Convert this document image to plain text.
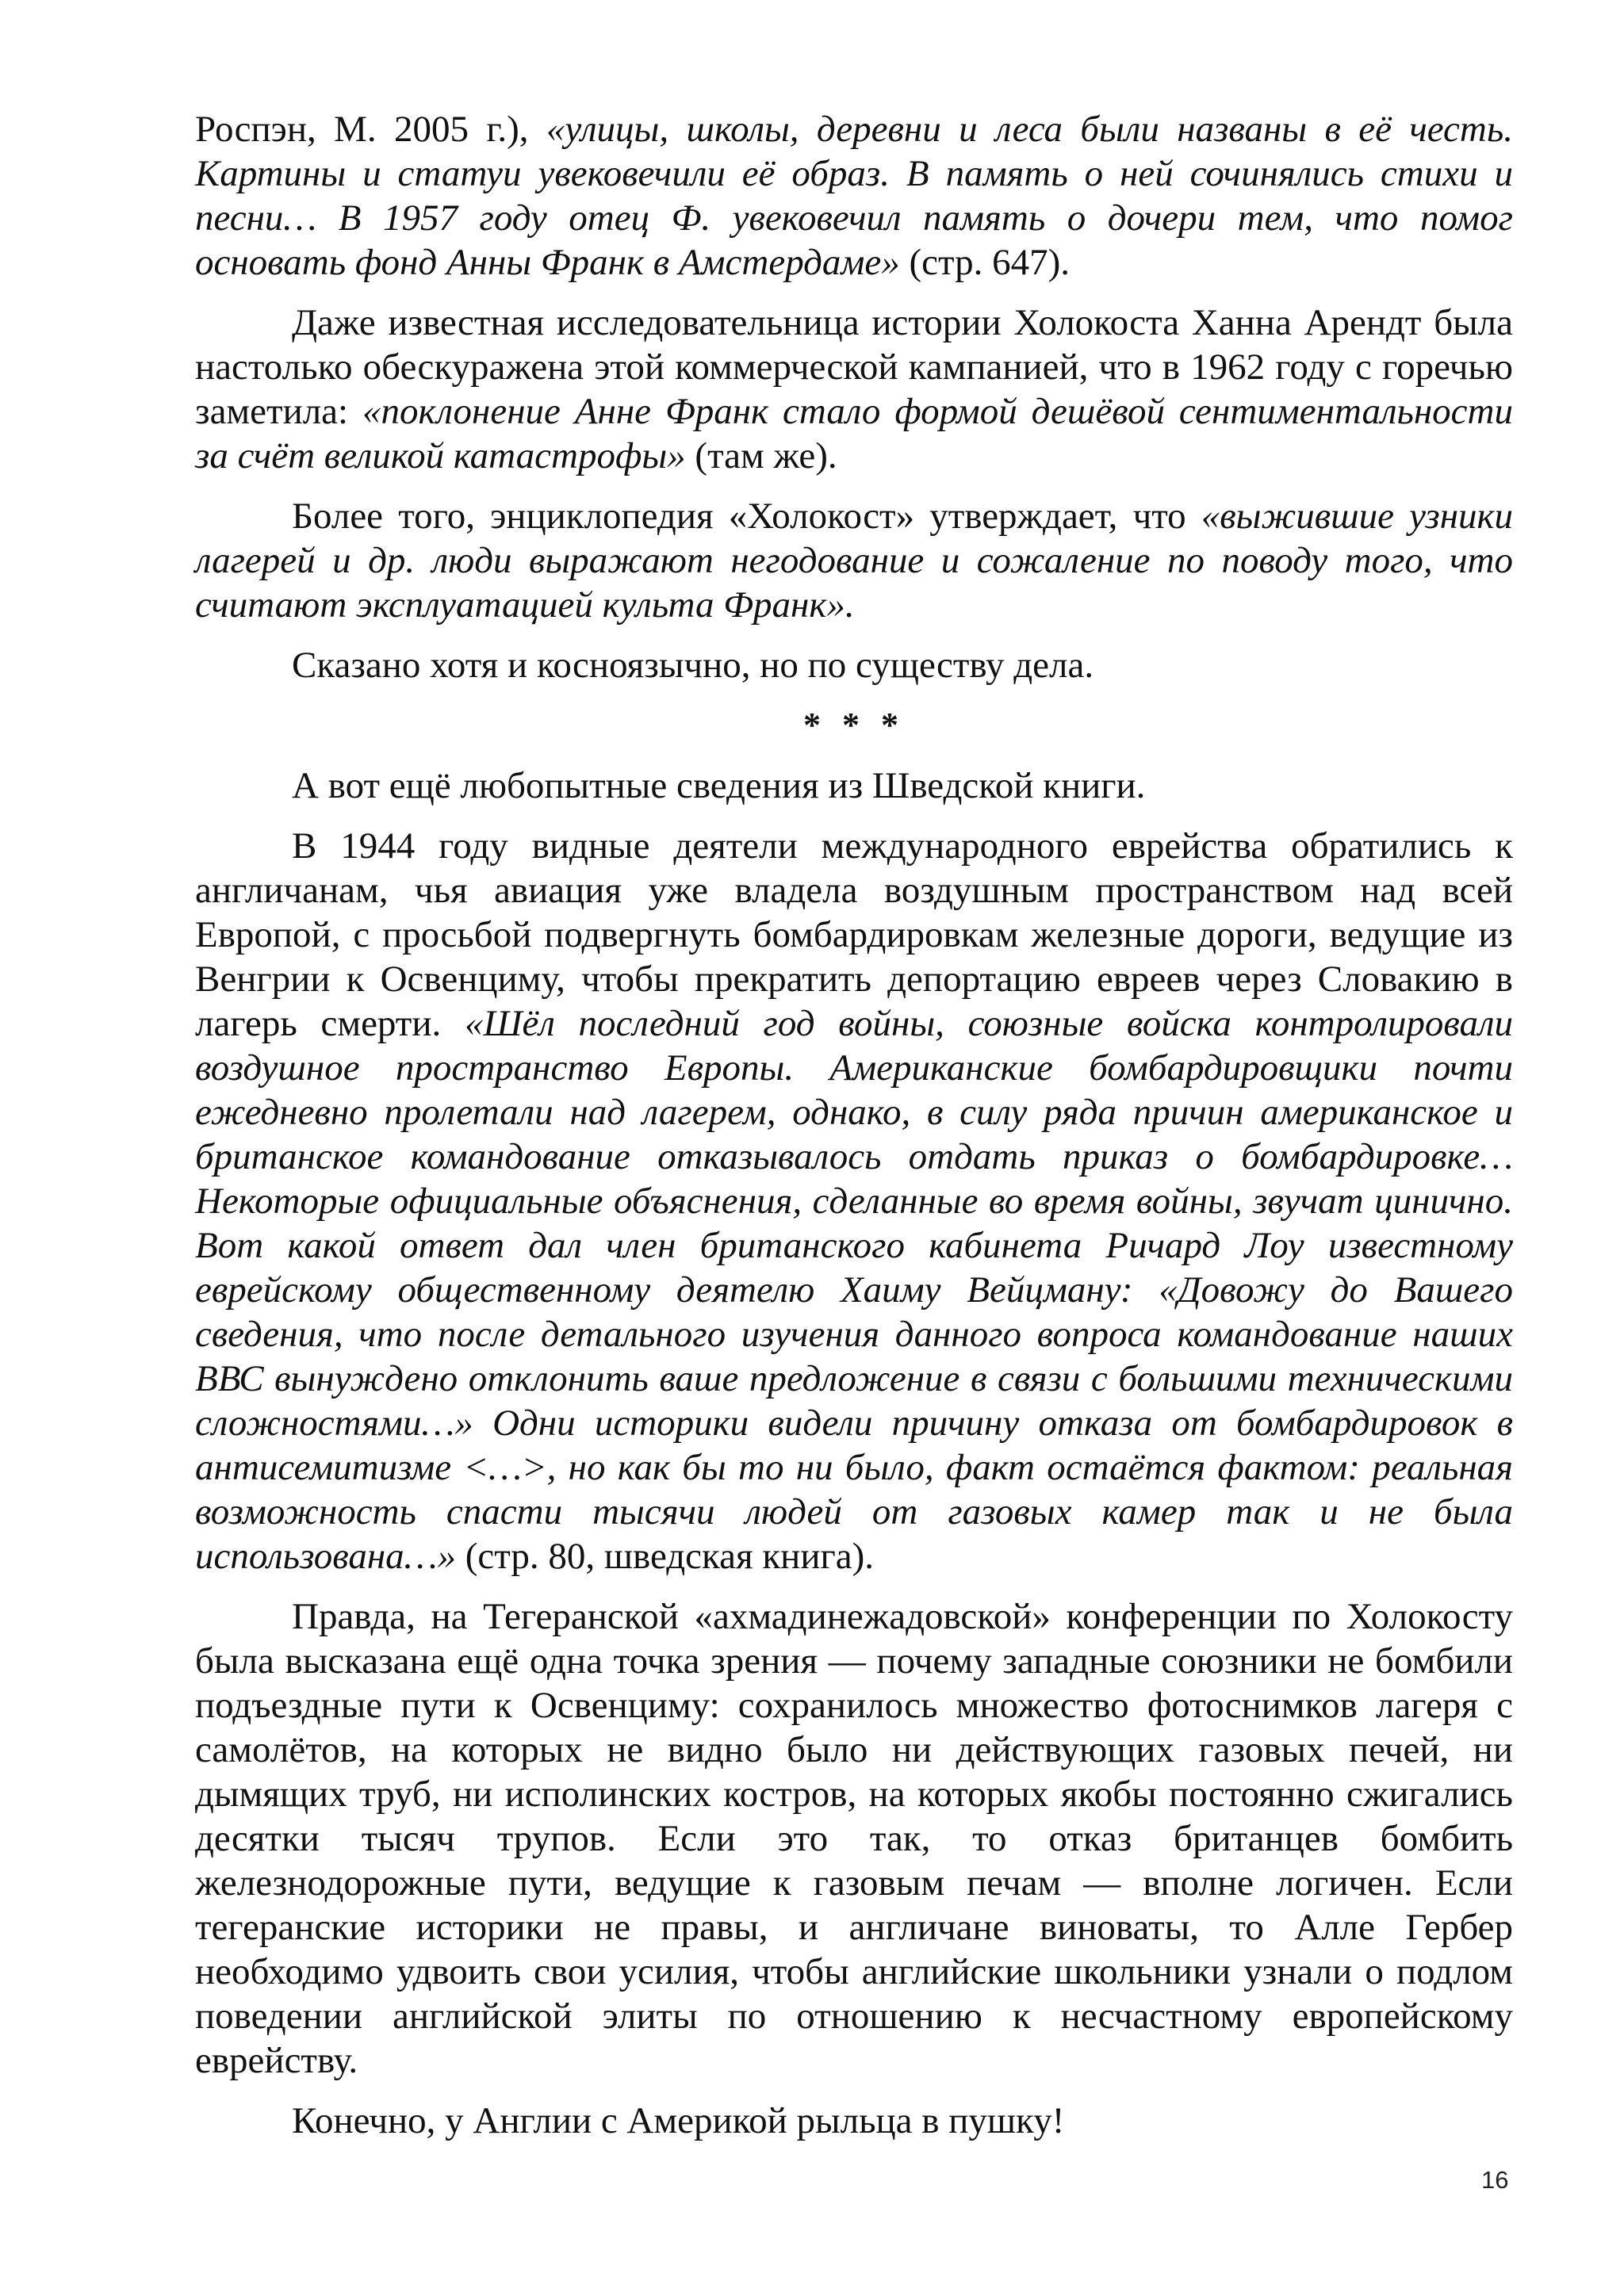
Роспэн, М. 2005 г.), «улицы, школы, деревни и леса были названы в её честь. Картины и статуи увековечили её образ. В память о ней сочинялись стихи и песни… В 1957 году отец Ф. увековечил память о дочери тем, что помог основать фонд Анны Франк в Амстердаме» (стр. 647).

Даже известная исследовательница истории Холокоста Ханна Арендт была настолько обескуражена этой коммерческой кампанией, что в 1962 году с горечью заметила: «поклонение Анне Франк стало формой дешёвой сентиментальности за счёт великой катастрофы» (там же).

Более того, энциклопедия «Холокост» утверждает, что «выжившие узники лагерей и др. люди выражают негодование и сожаление по поводу того, что считают эксплуатацией культа Франк».

Сказано хотя и косноязычно, но по существу дела.

* * *

А вот ещё любопытные сведения из Шведской книги.

В 1944 году видные деятели международного еврейства обратились к англичанам, чья авиация уже владела воздушным пространством над всей Европой, с просьбой подвергнуть бомбардировкам железные дороги, ведущие из Венгрии к Освенциму, чтобы прекратить депортацию евреев через Словакию в лагерь смерти. «Шёл последний год войны, союзные войска контролировали воздушное пространство Европы. Американские бомбардировщики почти ежедневно пролетали над лагерем, однако, в силу ряда причин американское и британское командование отказывалось отдать приказ о бомбардировке… Некоторые официальные объяснения, сделанные во время войны, звучат цинично. Вот какой ответ дал член британского кабинета Ричард Лоу известному еврейскому общественному деятелю Хаиму Вейцману: «Довожу до Вашего сведения, что после детального изучения данного вопроса командование наших ВВС вынуждено отклонить ваше предложение в связи с большими техническими сложностями…» Одни историки видели причину отказа от бомбардировок в антисемитизме <…>, но как бы то ни было, факт остаётся фактом: реальная возможность спасти тысячи людей от газовых камер так и не была использована…» (стр. 80, шведская книга).

Правда, на Тегеранской «ахмадинежадовской» конференции по Холокосту была высказана ещё одна точка зрения — почему западные союзники не бомбили подъездные пути к Освенциму: сохранилось множество фотоснимков лагеря с самолётов, на которых не видно было ни действующих газовых печей, ни дымящих труб, ни исполинских костров, на которых якобы постоянно сжигались десятки тысяч трупов. Если это так, то отказ британцев бомбить железнодорожные пути, ведущие к газовым печам — вполне логичен. Если тегеранские историки не правы, и англичане виноваты, то Алле Гербер необходимо удвоить свои усилия, чтобы английские школьники узнали о подлом поведении английской элиты по отношению к несчастному европейскому еврейству.

Конечно, у Англии с Америкой рыльца в пушку!

16
